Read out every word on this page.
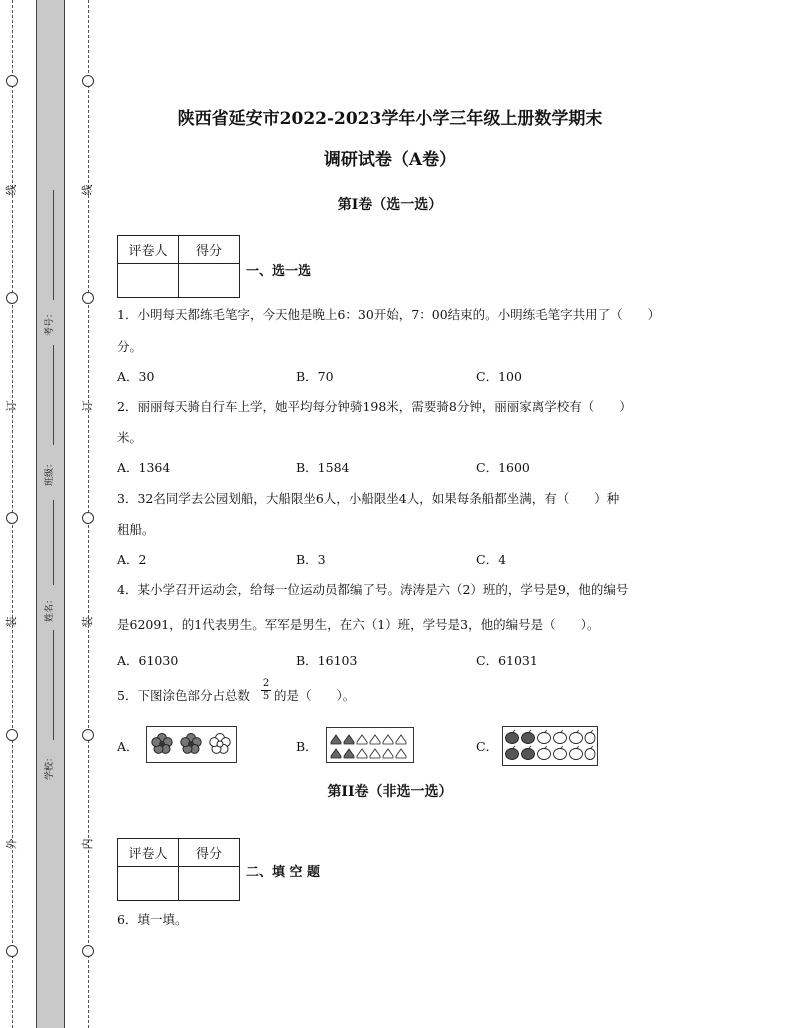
线
订
装
外
线
订
装
内
考号：
班级：
姓名：
学校：
陕西省延安市2022-2023学年小学三年级上册数学期末
调研试卷（A卷）
第I卷（选一选）
评卷人	得分

一、选一选
1．小明每天都练毛笔字，今天他是晚上6：30开始，7：00结束的。小明练毛笔字共用了（　　）
分。
A．30	B．70	C．100
2．丽丽每天骑自行车上学，她平均每分钟骑198米，需要骑8分钟，丽丽家离学校有（　　）
米。
A．1364	B．1584	C．1600
3．32名同学去公园划船，大船限坐6人，小船限坐4人，如果每条船都坐满，有（　　）种
租船。
A．2	B．3	C．4
4．某小学召开运动会，给每一位运动员都编了号。涛涛是六（2）班的，学号是9，他的编号
是62091，的1代表男生。军军是男生，在六（1）班，学号是3，他的编号是（　　）。
A．61030	B．16103	C．61031
5．下图涂色部分占总数
2
5 的是（　　）。
A．	B．	C．
第II卷（非选一选）
评卷人	得分

二、填 空 题
6．填一填。
